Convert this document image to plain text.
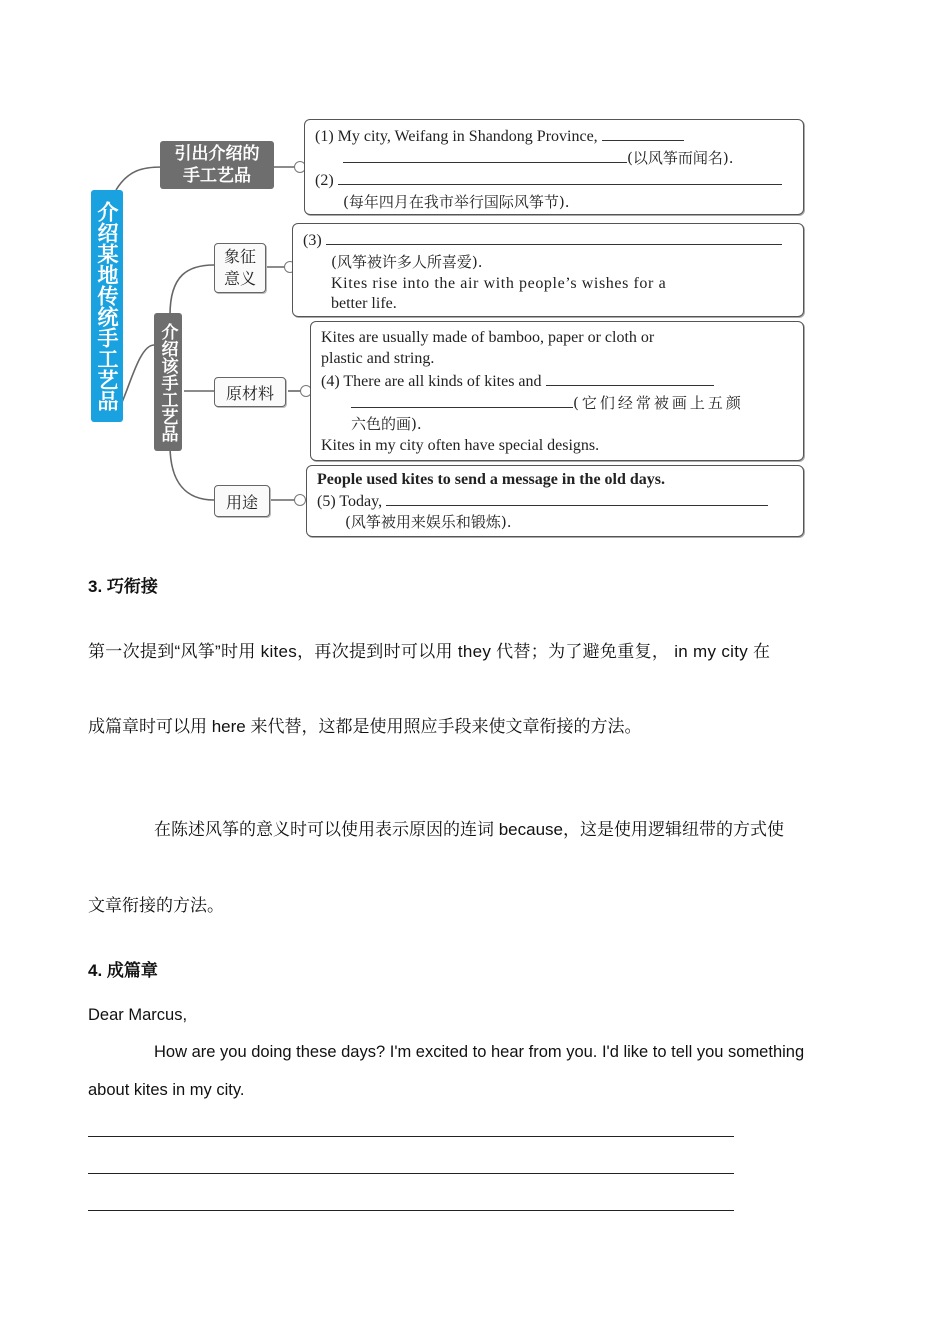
介绍某地传统手工艺品
引出介绍的
手工艺品
介绍该手工艺品
象征
意义
原材料
用途
(1) My city, Weifang in Shandong Province,
(以风筝而闻名).
(2)
(每年四月在我市举行国际风筝节).
(3)
(风筝被许多人所喜爱).
Kites rise into the air with people’s wishes for a
better life.
Kites are usually made of bamboo, paper or cloth or
plastic and string.
(4) There are all kinds of kites and
(它们经常被画上五颜
六色的画).
Kites in my city often have special designs.
People used kites to send a message in the old days.
(5) Today,
(风筝被用来娱乐和锻炼).
3. 巧衔接
第一次提到“风筝”时用 kites，再次提到时可以用 they 代替；为了避免重复， in my city 在
成篇章时可以用 here 来代替，这都是使用照应手段来使文章衔接的方法。
在陈述风筝的意义时可以使用表示原因的连词 because，这是使用逻辑纽带的方式使
文章衔接的方法。
4. 成篇章
Dear Marcus,
How are you doing these days? I'm excited to hear from you. I'd like to tell you something
about kites in my city.
